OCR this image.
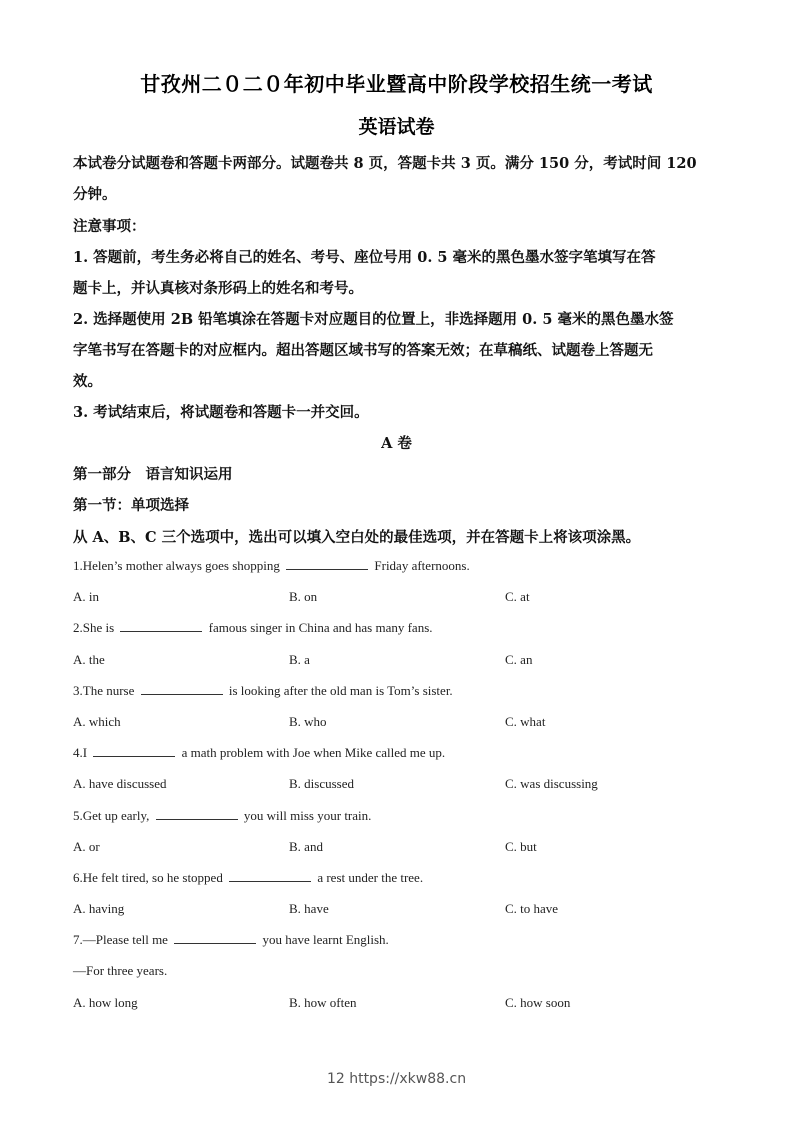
甘孜州二０二０年初中毕业暨高中阶段学校招生统一考试
英语试卷
本试卷分试题卷和答题卡两部分。试题卷共 8 页，答题卡共 3 页。满分 150 分，考试时间 120
分钟。
注意事项：
1. 答题前，考生务必将自己的姓名、考号、座位号用 0. 5 毫米的黑色墨水签字笔填写在答
题卡上，并认真核对条形码上的姓名和考号。
2. 选择题使用 2B 铅笔填涂在答题卡对应题目的位置上，非选择题用 0. 5 毫米的黑色墨水签
字笔书写在答题卡的对应框内。超出答题区域书写的答案无效；在草稿纸、试题卷上答题无
效。
3. 考试结束后，将试题卷和答题卡一并交回。
A 卷
第一部分　语言知识运用
第一节：单项选择
从 A、B、C 三个选项中，选出可以填入空白处的最佳选项，并在答题卡上将该项涂黑。
1.Helen’s mother always goes shopping	Friday afternoons.
A. in	B. on	C. at
2.She is	famous singer in China and has many fans.
A. the	B. a	C. an
3.The nurse	is looking after the old man is Tom’s sister.
A. which	B. who	C. what
4.I	a math problem with Joe when Mike called me up.
A. have discussed	B. discussed	C. was discussing
5.Get up early,	you will miss your train.
A. or	B. and	C. but
6.He felt tired, so he stopped	a rest under the tree.
A. having	B. have	C. to have
7.—Please tell me	you have learnt English.
—For three years.
A. how long	B. how often	C. how soon
12 https://xkw88.cn
